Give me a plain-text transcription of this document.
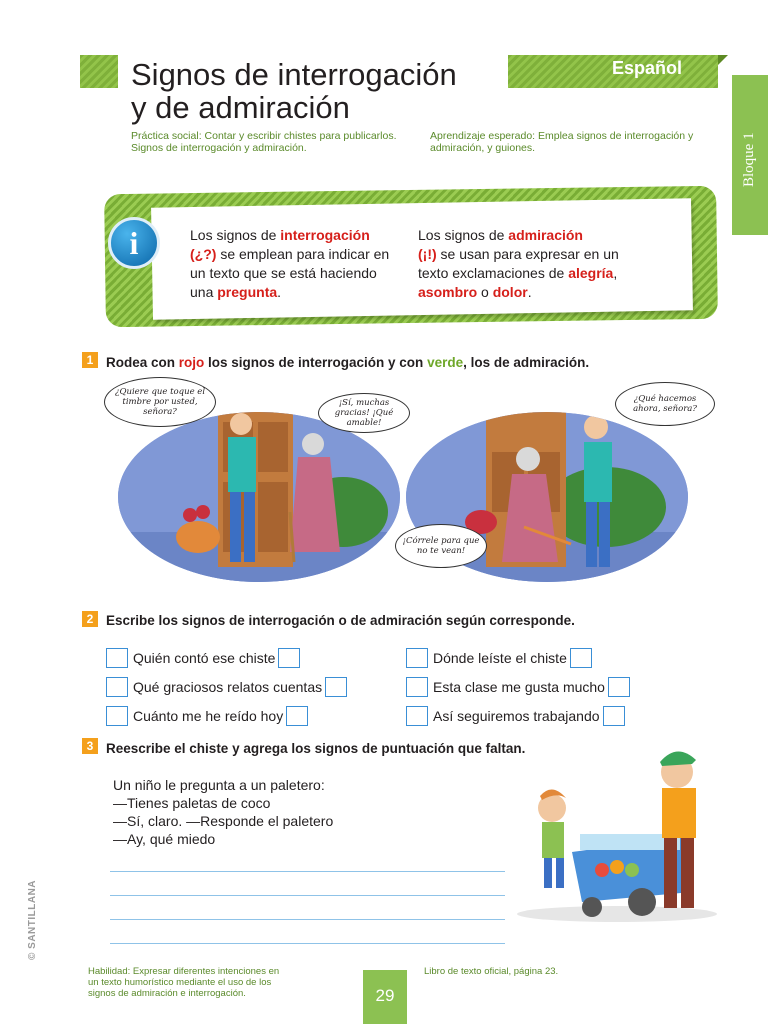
Español
Signos de interrogación
y de admiración
Práctica social: Contar y escribir chistes para publicarlos. Signos de interrogación y admiración.
Aprendizaje esperado: Emplea signos de interrogación y admiración, y guiones.	Bloque 1
i	Los signos de interrogación
(¿?) se emplean para indicar en un texto que se está haciendo una pregunta.
Los signos de admiración
(¡!) se usan para expresar en un texto exclamaciones de alegría, asombro o dolor.
1 Rodea con rojo los signos de interrogación y con verde, los de admiración.
¿Quiere que toque el timbre por usted, señora?
¡Sí, muchas gracias! ¡Qué amable!
¿Qué hacemos ahora, señora?
¡Córrele para que no te vean!
2 Escribe los signos de interrogación o de admiración según corresponde.
Quién contó ese chiste
Qué graciosos relatos cuentas
Cuánto me he reído hoy
Dónde leíste el chiste
Esta clase me gusta mucho
Así seguiremos trabajando
3 Reescribe el chiste y agrega los signos de puntuación que faltan.
Un niño le pregunta a un paletero:
—Tienes paletas de coco
—Sí, claro. —Responde el paletero
—Ay, qué miedo
Habilidad: Expresar diferentes intenciones en un texto humorístico mediante el uso de los signos de admiración e interrogación.	29
Libro de texto oficial, página 23.
© SANTILLANA
